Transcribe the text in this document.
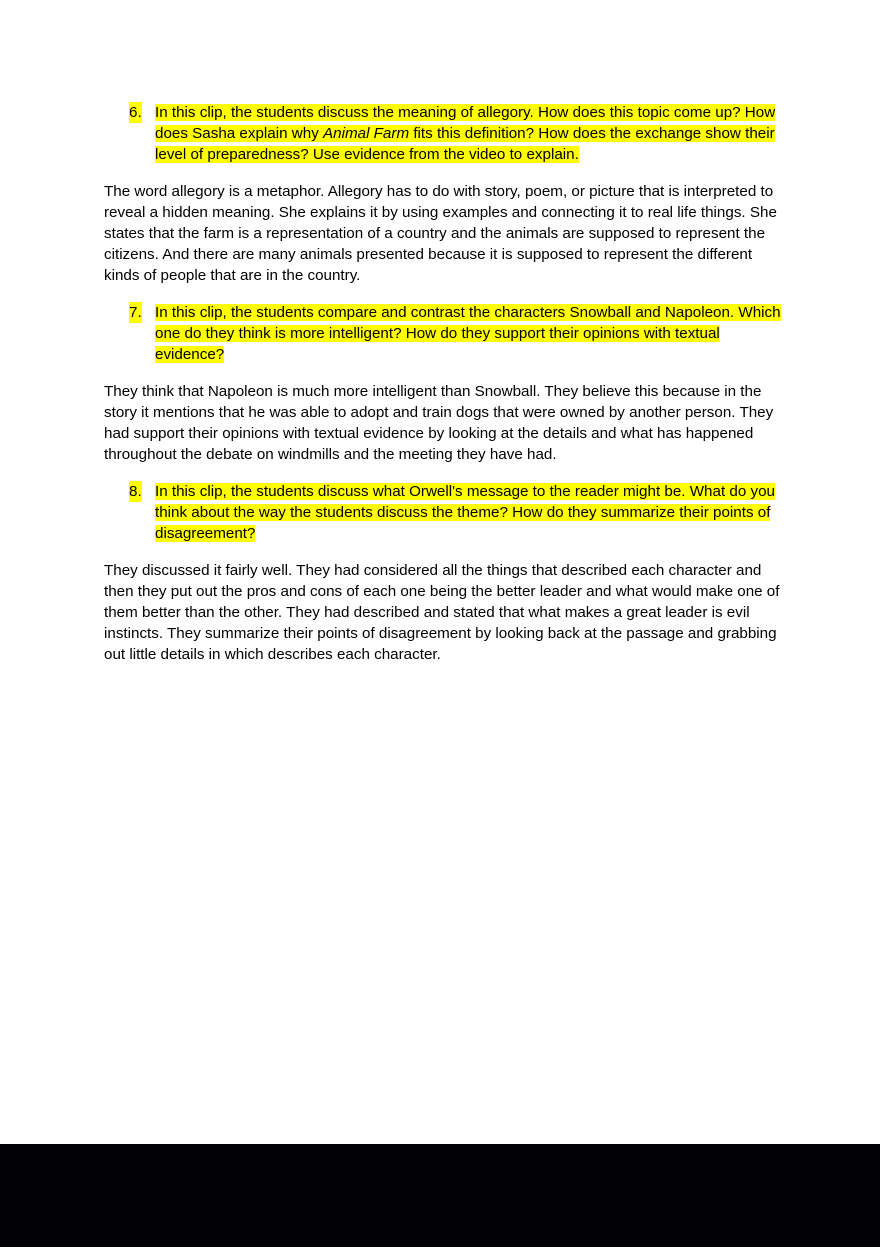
6. In this clip, the students discuss the meaning of allegory. How does this topic come up? How does Sasha explain why Animal Farm fits this definition? How does the exchange show their level of preparedness? Use evidence from the video to explain.

The word allegory is a metaphor. Allegory has to do with story, poem, or picture that is interpreted to reveal a hidden meaning. She explains it by using examples and connecting it to real life things. She states that the farm is a representation of a country and the animals are supposed to represent the citizens. And there are many animals presented because it is supposed to represent the different kinds of people that are in the country.

7. In this clip, the students compare and contrast the characters Snowball and Napoleon. Which one do they think is more intelligent? How do they support their opinions with textual evidence?

They think that Napoleon is much more intelligent than Snowball. They believe this because in the story it mentions that he was able to adopt and train dogs that were owned by another person. They had support their opinions with textual evidence by looking at the details and what has happened throughout the debate on windmills and the meeting they have had.

8. In this clip, the students discuss what Orwell's message to the reader might be. What do you think about the way the students discuss the theme? How do they summarize their points of disagreement?

They discussed it fairly well. They had considered all the things that described each character and then they put out the pros and cons of each one being the better leader and what would make one of them better than the other. They had described and stated that what makes a great leader is evil instincts. They summarize their points of disagreement by looking back at the passage and grabbing out little details in which describes each character.
